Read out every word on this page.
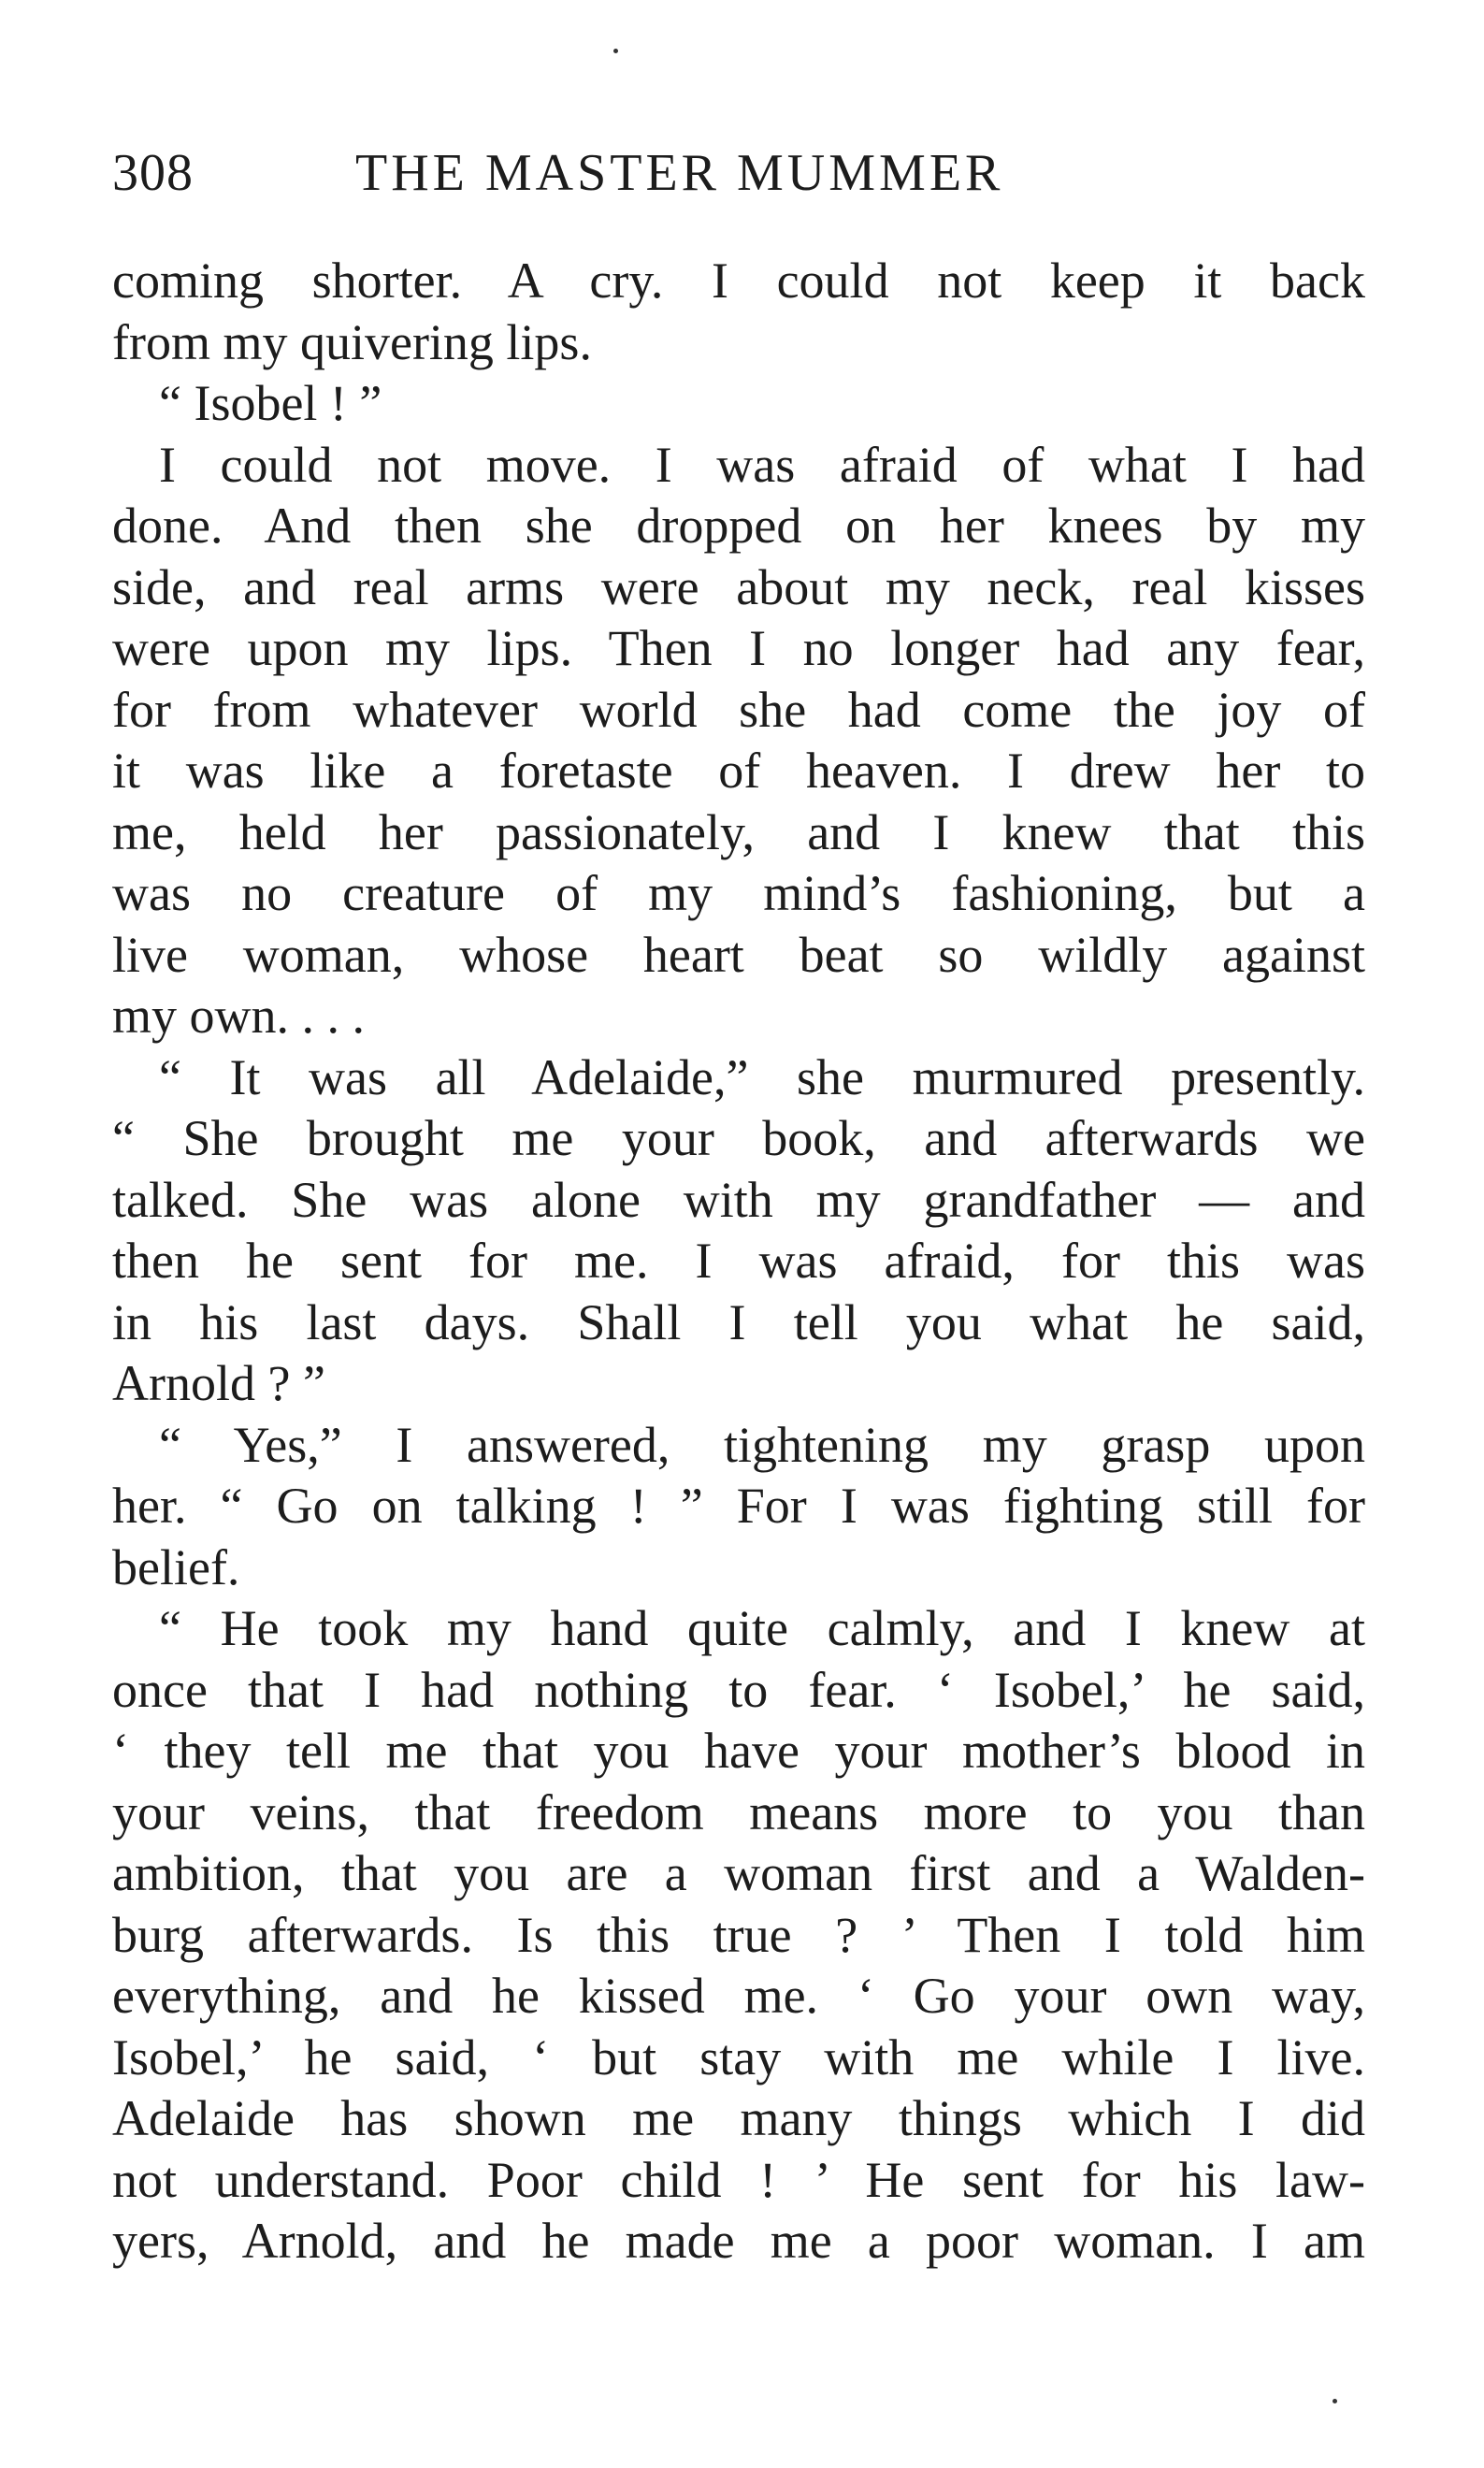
308	THE MASTER MUMMER
coming shorter. A cry. I could not keep it back
from my quivering lips.
“ Isobel ! ”
I could not move. I was afraid of what I had
done. And then she dropped on her knees by my
side, and real arms were about my neck, real kisses
were upon my lips. Then I no longer had any fear,
for from whatever world she had come the joy of
it was like a foretaste of heaven. I drew her to
me, held her passionately, and I knew that this
was no creature of my mind’s fashioning, but a
live woman, whose heart beat so wildly against
my own. . . .
“ It was all Adelaide,” she murmured presently.
“ She brought me your book, and afterwards we
talked. She was alone with my grandfather — and
then he sent for me. I was afraid, for this was
in his last days. Shall I tell you what he said,
Arnold ? ”
“ Yes,” I answered, tightening my grasp upon
her. “ Go on talking ! ” For I was fighting still for
belief.
“ He took my hand quite calmly, and I knew at
once that I had nothing to fear. ‘ Isobel,’ he said,
‘ they tell me that you have your mother’s blood in
your veins, that freedom means more to you than
ambition, that you are a woman first and a Walden-
burg afterwards. Is this true ? ’ Then I told him
everything, and he kissed me. ‘ Go your own way,
Isobel,’ he said, ‘ but stay with me while I live.
Adelaide has shown me many things which I did
not understand. Poor child ! ’ He sent for his law-
yers, Arnold, and he made me a poor woman. I am
